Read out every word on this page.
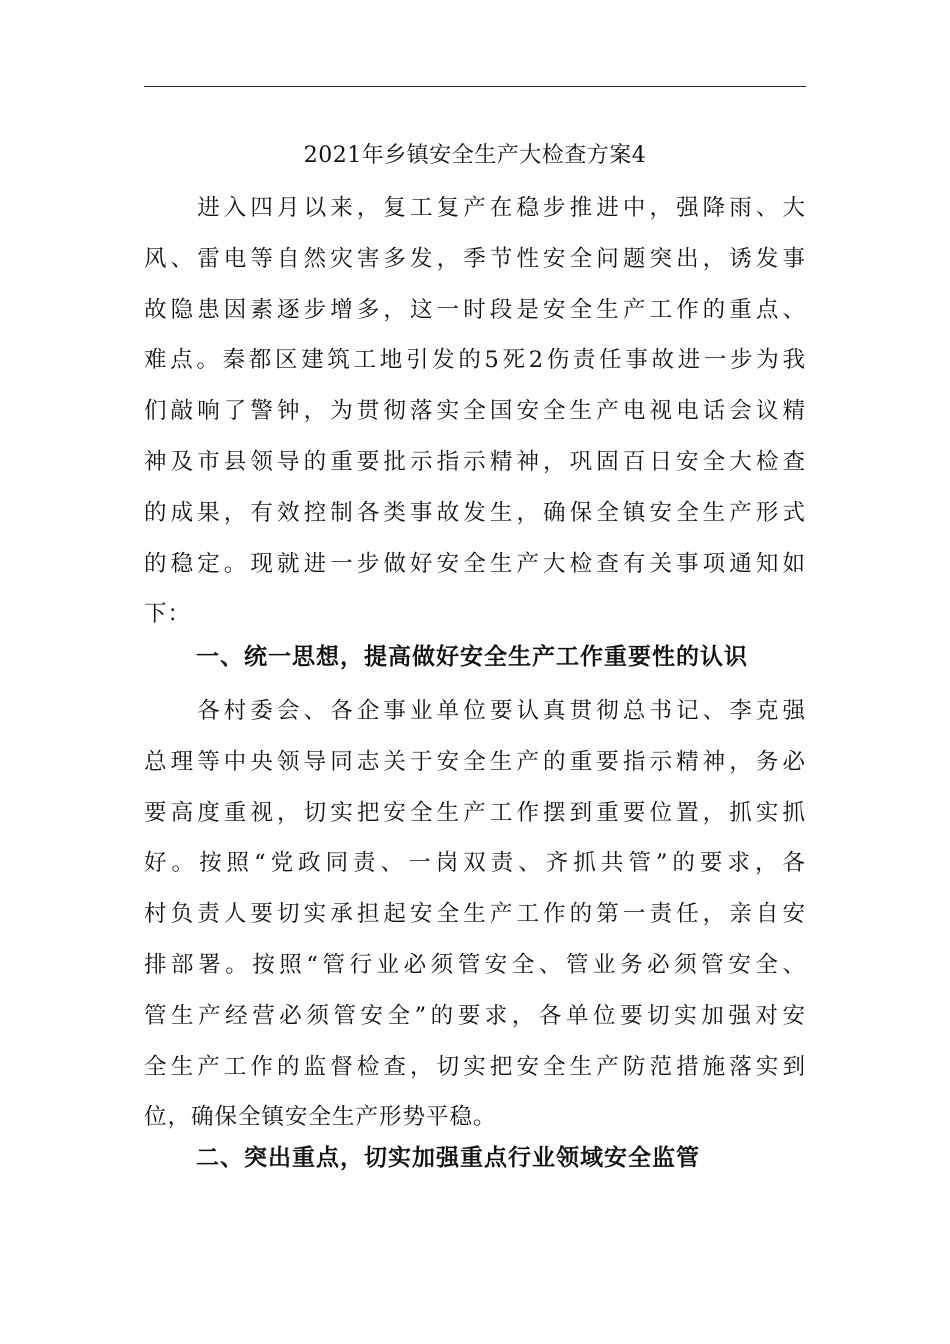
2021年乡镇安全生产大检查方案4
　　进入四月以来，复工复产在稳步推进中，强降雨、大
风、雷电等自然灾害多发，季节性安全问题突出，诱发事
故隐患因素逐步增多，这一时段是安全生产工作的重点、
难点。秦都区建筑工地引发的5死2伤责任事故进一步为我
们敲响了警钟，为贯彻落实全国安全生产电视电话会议精
神及市县领导的重要批示指示精神，巩固百日安全大检查
的成果，有效控制各类事故发生，确保全镇安全生产形式
的稳定。现就进一步做好安全生产大检查有关事项通知如
下：
一、统一思想，提高做好安全生产工作重要性的认识
　　各村委会、各企事业单位要认真贯彻总书记、李克强
总理等中央领导同志关于安全生产的重要指示精神，务必
要高度重视，切实把安全生产工作摆到重要位置，抓实抓
好。按照“党政同责、一岗双责、齐抓共管”的要求，各
村负责人要切实承担起安全生产工作的第一责任，亲自安
排部署。按照“管行业必须管安全、管业务必须管安全、
管生产经营必须管安全”的要求，各单位要切实加强对安
全生产工作的监督检查，切实把安全生产防范措施落实到
位，确保全镇安全生产形势平稳。
二、突出重点，切实加强重点行业领域安全监管
